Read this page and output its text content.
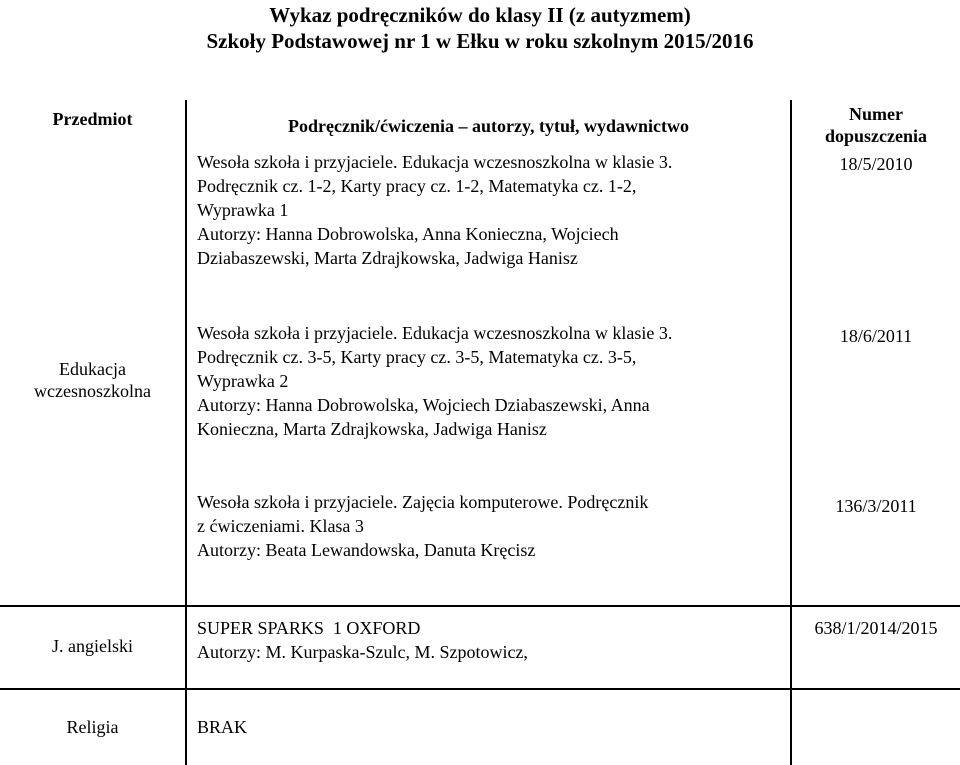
Wykaz podręczników do klasy II (z autyzmem)
Szkoły Podstawowej nr 1 w Ełku w roku szkolnym 2015/2016
Przedmiot	Podręcznik/ćwiczenia – autorzy, tytuł, wydawnictwo
Numer
dopuszczenia
Wesoła szkoła i przyjaciele. Edukacja wczesnoszkolna w klasie 3.
Podręcznik cz. 1-2, Karty pracy cz. 1-2, Matematyka cz. 1-2,
Wyprawka 1
Autorzy: Hanna Dobrowolska, Anna Konieczna, Wojciech
Dziabaszewski, Marta Zdrajkowska, Jadwiga Hanisz
18/5/2010
Edukacja
wczesnoszkolna
Wesoła szkoła i przyjaciele. Edukacja wczesnoszkolna w klasie 3.
Podręcznik cz. 3-5, Karty pracy cz. 3-5, Matematyka cz. 3-5,
Wyprawka 2
Autorzy: Hanna Dobrowolska, Wojciech Dziabaszewski, Anna
Konieczna, Marta Zdrajkowska, Jadwiga Hanisz
18/6/2011
Wesoła szkoła i przyjaciele. Zajęcia komputerowe. Podręcznik
z ćwiczeniami. Klasa 3
Autorzy: Beata Lewandowska, Danuta Kręcisz
136/3/2011
J. angielski
SUPER SPARKS  1 OXFORD
Autorzy: M. Kurpaska-Szulc, M. Szpotowicz,
638/1/2014/2015
Religia	BRAK
